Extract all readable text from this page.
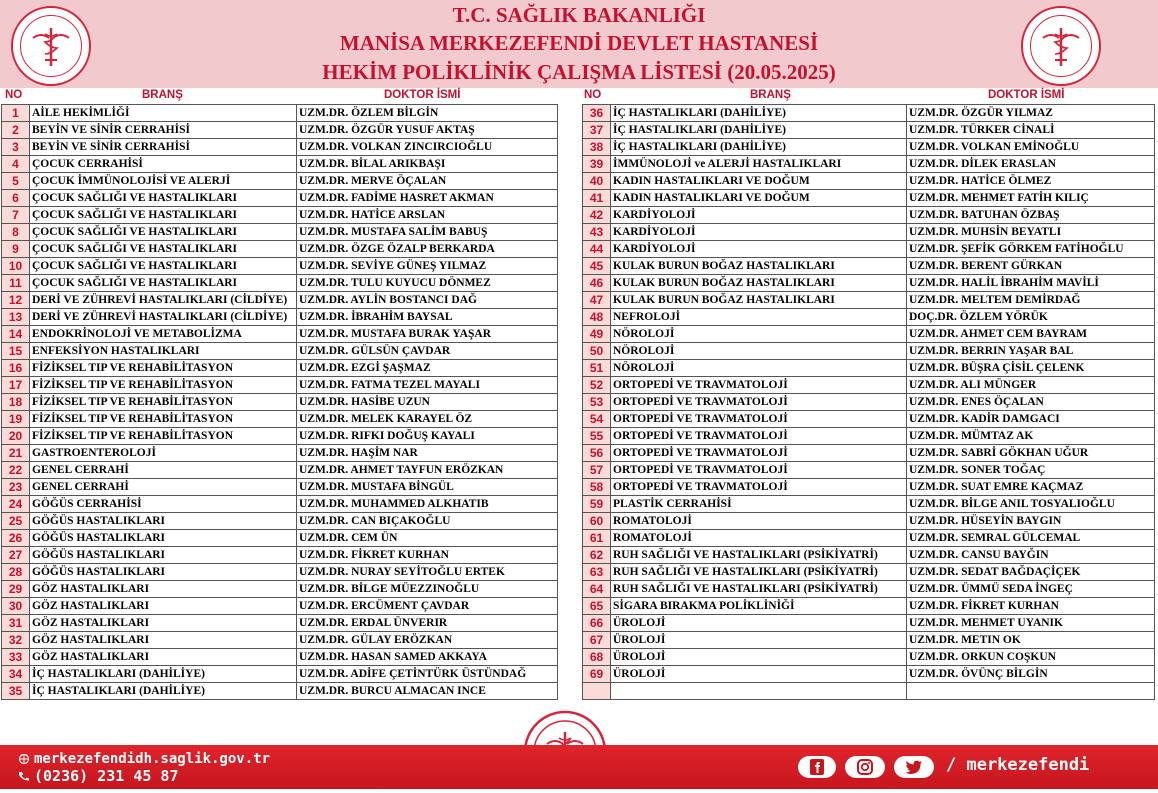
T.C. SAĞLIK BAKANLIĞI
MANİSA MERKEZEFENDİ DEVLET HASTANESİ
HEKİM POLİKLİNİK ÇALIŞMA LİSTESİ (20.05.2025)
NO	BRANŞ	DOKTOR İSMİ	NO	BRANŞ	DOKTOR İSMİ
1	AİLE HEKİMLİĞİ	UZM.DR. ÖZLEM BİLGİN
2	BEYİN VE SİNİR CERRAHİSİ	UZM.DR. ÖZGÜR YUSUF AKTAŞ
3	BEYİN VE SİNİR CERRAHİSİ	UZM.DR. VOLKAN ZINCIRCIOĞLU
4	ÇOCUK CERRAHİSİ	UZM.DR. BİLAL ARIKBAŞI
5	ÇOCUK İMMÜNOLOJİSİ VE ALERJİ	UZM.DR. MERVE ÖÇALAN
6	ÇOCUK SAĞLIĞI VE HASTALIKLARI	UZM.DR. FADİME HASRET AKMAN
7	ÇOCUK SAĞLIĞI VE HASTALIKLARI	UZM.DR. HATİCE ARSLAN
8	ÇOCUK SAĞLIĞI VE HASTALIKLARI	UZM.DR. MUSTAFA SALİM BABUŞ
9	ÇOCUK SAĞLIĞI VE HASTALIKLARI	UZM.DR. ÖZGE ÖZALP BERKARDA
10	ÇOCUK SAĞLIĞI VE HASTALIKLARI	UZM.DR. SEVİYE GÜNEŞ YILMAZ
11	ÇOCUK SAĞLIĞI VE HASTALIKLARI	UZM.DR. TULU KUYUCU DÖNMEZ
12	DERİ VE ZÜHREVİ HASTALIKLARI (CİLDİYE)	UZM.DR. AYLİN BOSTANCI DAĞ
13	DERİ VE ZÜHREVİ HASTALIKLARI (CİLDİYE)	UZM.DR. İBRAHİM BAYSAL
14	ENDOKRİNOLOJİ VE METABOLİZMA	UZM.DR. MUSTAFA BURAK YAŞAR
15	ENFEKSİYON HASTALIKLARI	UZM.DR. GÜLSÜN ÇAVDAR
16	FİZİKSEL TIP VE REHABİLİTASYON	UZM.DR. EZGİ ŞAŞMAZ
17	FİZİKSEL TIP VE REHABİLİTASYON	UZM.DR. FATMA TEZEL MAYALI
18	FİZİKSEL TIP VE REHABİLİTASYON	UZM.DR. HASİBE UZUN
19	FİZİKSEL TIP VE REHABİLİTASYON	UZM.DR. MELEK KARAYEL ÖZ
20	FİZİKSEL TIP VE REHABİLİTASYON	UZM.DR. RIFKI DOĞUŞ KAYALI
21	GASTROENTEROLOJİ	UZM.DR. HAŞİM NAR
22	GENEL CERRAHİ	UZM.DR. AHMET TAYFUN ERÖZKAN
23	GENEL CERRAHİ	UZM.DR. MUSTAFA BİNGÜL
24	GÖĞÜS CERRAHİSİ	UZM.DR. MUHAMMED ALKHATIB
25	GÖĞÜS HASTALIKLARI	UZM.DR. CAN BIÇAKOĞLU
26	GÖĞÜS HASTALIKLARI	UZM.DR. CEM ÜN
27	GÖĞÜS HASTALIKLARI	UZM.DR. FİKRET KURHAN
28	GÖĞÜS HASTALIKLARI	UZM.DR. NURAY SEYİTOĞLU ERTEK
29	GÖZ HASTALIKLARI	UZM.DR. BİLGE MÜEZZINOĞLU
30	GÖZ HASTALIKLARI	UZM.DR. ERCÜMENT ÇAVDAR
31	GÖZ HASTALIKLARI	UZM.DR. ERDAL ÜNVERIR
32	GÖZ HASTALIKLARI	UZM.DR. GÜLAY ERÖZKAN
33	GÖZ HASTALIKLARI	UZM.DR. HASAN SAMED AKKAYA
34	İÇ HASTALIKLARI (DAHİLİYE)	UZM.DR. ADİFE ÇETİNTÜRK ÜSTÜNDAĞ
35	İÇ HASTALIKLARI (DAHİLİYE)	UZM.DR. BURCU ALMACAN INCE
36	İÇ HASTALIKLARI (DAHİLİYE)	UZM.DR. ÖZGÜR YILMAZ
37	İÇ HASTALIKLARI (DAHİLİYE)	UZM.DR. TÜRKER CİNALİ
38	İÇ HASTALIKLARI (DAHİLİYE)	UZM.DR. VOLKAN EMİNOĞLU
39	İMMÜNOLOJİ ve ALERJİ HASTALIKLARI	UZM.DR. DİLEK ERASLAN
40	KADIN HASTALIKLARI VE DOĞUM	UZM.DR. HATİCE ÖLMEZ
41	KADIN HASTALIKLARI VE DOĞUM	UZM.DR. MEHMET FATİH KILIÇ
42	KARDİYOLOJİ	UZM.DR. BATUHAN ÖZBAŞ
43	KARDİYOLOJİ	UZM.DR. MUHSİN BEYATLI
44	KARDİYOLOJİ	UZM.DR. ŞEFİK GÖRKEM FATİHOĞLU
45	KULAK BURUN BOĞAZ HASTALIKLARI	UZM.DR. BERENT GÜRKAN
46	KULAK BURUN BOĞAZ HASTALIKLARI	UZM.DR. HALİL İBRAHİM MAVİLİ
47	KULAK BURUN BOĞAZ HASTALIKLARI	UZM.DR. MELTEM DEMİRDAĞ
48	NEFROLOJİ	DOÇ.DR. ÖZLEM YÖRÜK
49	NÖROLOJİ	UZM.DR. AHMET CEM BAYRAM
50	NÖROLOJİ	UZM.DR. BERRIN YAŞAR BAL
51	NÖROLOJİ	UZM.DR. BÜŞRA ÇİSİL ÇELENK
52	ORTOPEDİ VE TRAVMATOLOJİ	UZM.DR. ALI MÜNGER
53	ORTOPEDİ VE TRAVMATOLOJİ	UZM.DR. ENES ÖÇALAN
54	ORTOPEDİ VE TRAVMATOLOJİ	UZM.DR. KADİR DAMGACI
55	ORTOPEDİ VE TRAVMATOLOJİ	UZM.DR. MÜMTAZ AK
56	ORTOPEDİ VE TRAVMATOLOJİ	UZM.DR. SABRİ GÖKHAN UĞUR
57	ORTOPEDİ VE TRAVMATOLOJİ	UZM.DR. SONER TOĞAÇ
58	ORTOPEDİ VE TRAVMATOLOJİ	UZM.DR. SUAT EMRE KAÇMAZ
59	PLASTİK CERRAHİSİ	UZM.DR. BİLGE ANIL TOSYALIOĞLU
60	ROMATOLOJİ	UZM.DR. HÜSEYİN BAYGIN
61	ROMATOLOJİ	UZM.DR. SEMRAL GÜLCEMAL
62	RUH SAĞLIĞI VE HASTALIKLARI (PSİKİYATRİ)	UZM.DR. CANSU BAYĞIN
63	RUH SAĞLIĞI VE HASTALIKLARI (PSİKİYATRİ)	UZM.DR. SEDAT BAĞDAÇİÇEK
64	RUH SAĞLIĞI VE HASTALIKLARI (PSİKİYATRİ)	UZM.DR. ÜMMÜ SEDA İNGEÇ
65	SİGARA BIRAKMA POLİKLİNİĞİ	UZM.DR. FİKRET KURHAN
66	ÜROLOJİ	UZM.DR. MEHMET UYANIK
67	ÜROLOJİ	UZM.DR. METIN OK
68	ÜROLOJİ	UZM.DR. ORKUN COŞKUN
69	ÜROLOJİ	UZM.DR. ÖVÜNÇ BİLGİN

merkezefendidh.saglik.gov.tr
(0236) 231 45 87
/ merkezefendi
